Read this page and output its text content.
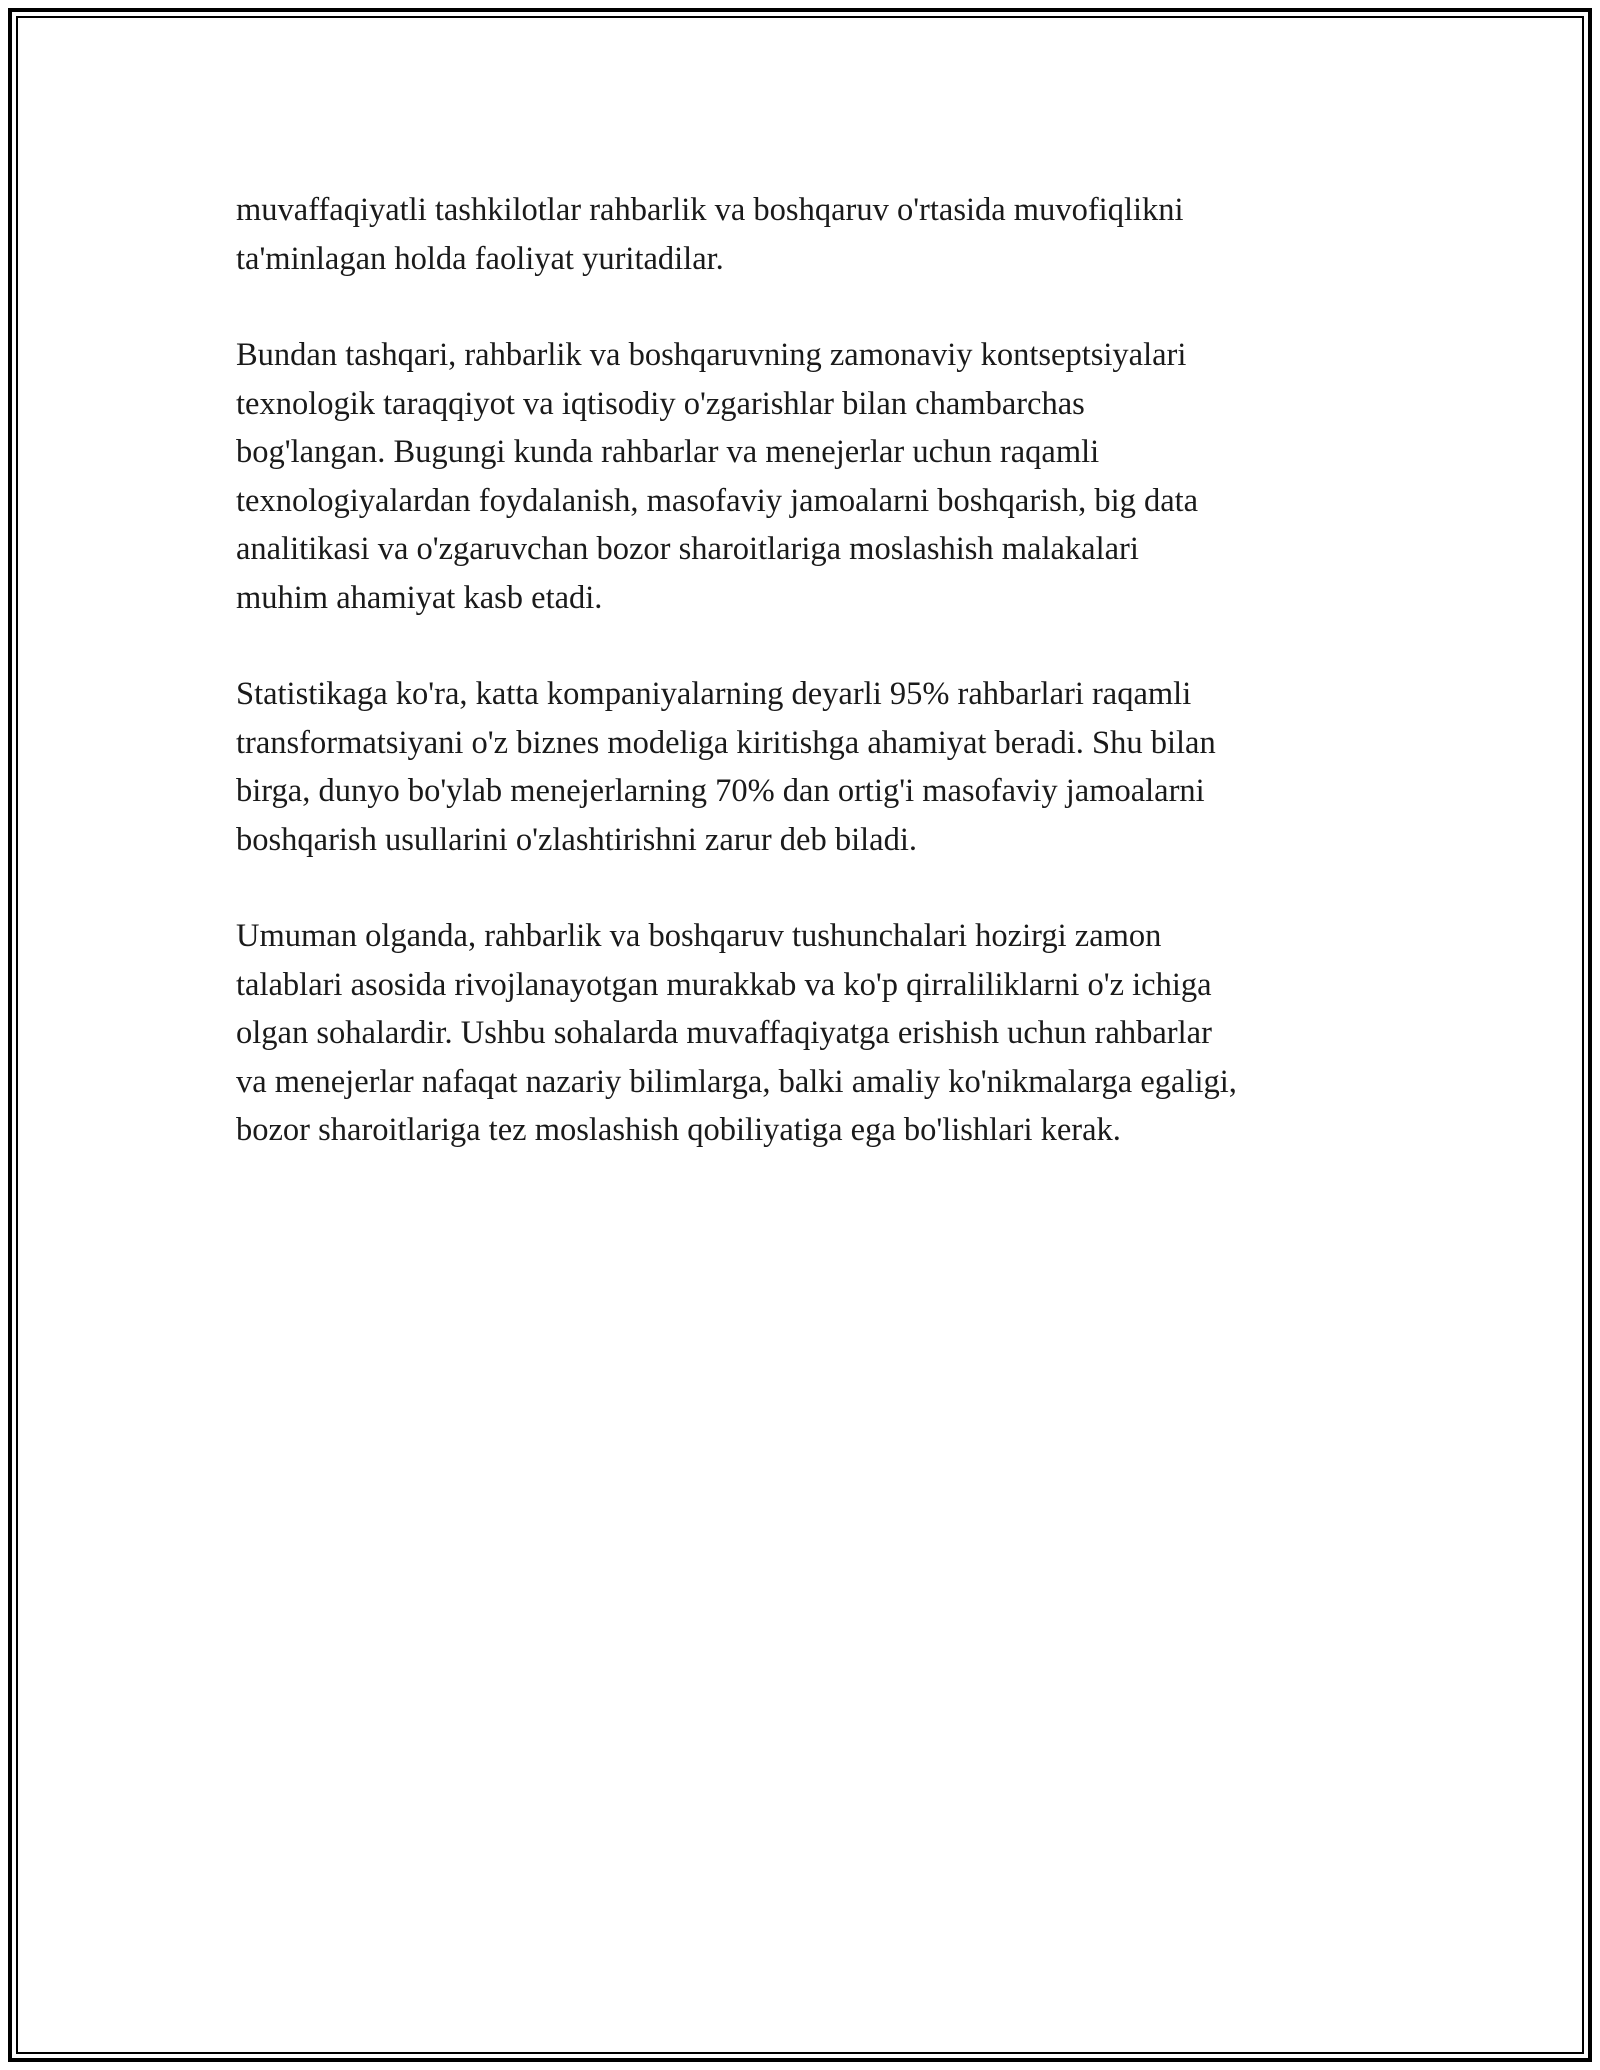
muvaffaqiyatli tashkilotlar rahbarlik va boshqaruv o'rtasida muvofiqlikni
ta'minlagan holda faoliyat yuritadilar.

Bundan tashqari, rahbarlik va boshqaruvning zamonaviy kontseptsiyalari
texnologik taraqqiyot va iqtisodiy o'zgarishlar bilan chambarchas
bog'langan. Bugungi kunda rahbarlar va menejerlar uchun raqamli
texnologiyalardan foydalanish, masofaviy jamoalarni boshqarish, big data
analitikasi va o'zgaruvchan bozor sharoitlariga moslashish malakalari
muhim ahamiyat kasb etadi.

Statistikaga ko'ra, katta kompaniyalarning deyarli 95% rahbarlari raqamli
transformatsiyani o'z biznes modeliga kiritishga ahamiyat beradi. Shu bilan
birga, dunyo bo'ylab menejerlarning 70% dan ortig'i masofaviy jamoalarni
boshqarish usullarini o'zlashtirishni zarur deb biladi.

Umuman olganda, rahbarlik va boshqaruv tushunchalari hozirgi zamon
talablari asosida rivojlanayotgan murakkab va ko'p qirraliliklarni o'z ichiga
olgan sohalardir. Ushbu sohalarda muvaffaqiyatga erishish uchun rahbarlar
va menejerlar nafaqat nazariy bilimlarga, balki amaliy ko'nikmalarga egaligi,
bozor sharoitlariga tez moslashish qobiliyatiga ega bo'lishlari kerak.
